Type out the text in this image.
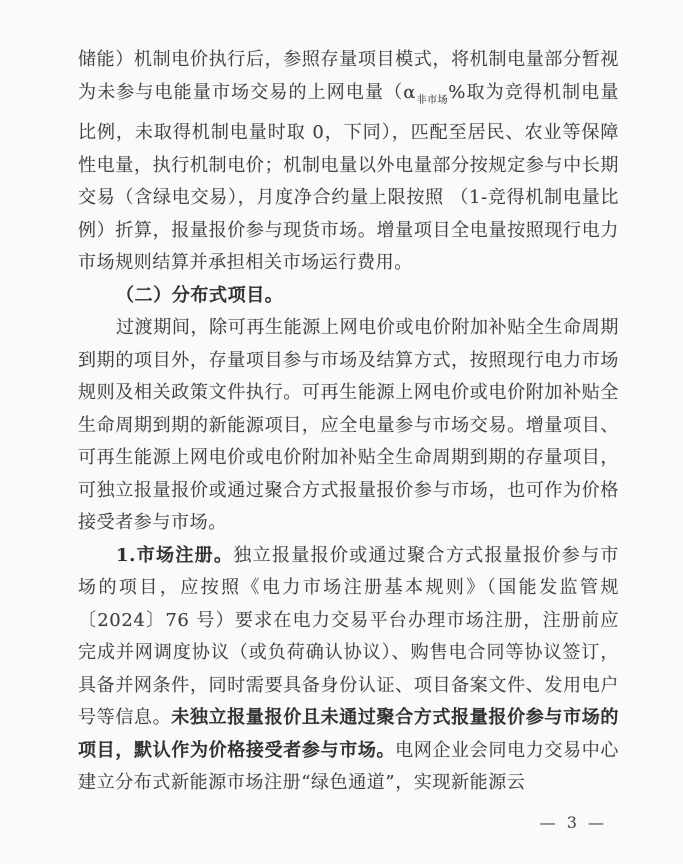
储能）机制电价执行后，参照存量项目模式，将机制电量部分暂视为未参与电能量市场交易的上网电量（$\alpha_{非市场}\%$取为竞得机制电量比例，未取得机制电量时取 0，下同），匹配至居民、农业等保障性电量，执行机制电价；机制电量以外电量部分按规定参与中长期交易（含绿电交易），月度净合约量上限按照 （1-竞得机制电量比例）折算，报量报价参与现货市场。增量项目全电量按照现行电力市场规则结算并承担相关市场运行费用。

（二）分布式项目。

过渡期间，除可再生能源上网电价或电价附加补贴全生命周期到期的项目外，存量项目参与市场及结算方式，按照现行电力市场规则及相关政策文件执行。可再生能源上网电价或电价附加补贴全生命周期到期的新能源项目，应全电量参与市场交易。增量项目、可再生能源上网电价或电价附加补贴全生命周期到期的存量项目，可独立报量报价或通过聚合方式报量报价参与市场，也可作为价格接受者参与市场。

1.市场注册。独立报量报价或通过聚合方式报量报价参与市场的项目，应按照《电力市场注册基本规则》（国能发监管规〔2024〕76 号）要求在电力交易平台办理市场注册，注册前应完成并网调度协议（或负荷确认协议）、购售电合同等协议签订，具备并网条件，同时需要具备身份认证、项目备案文件、发用电户号等信息。未独立报量报价且未通过聚合方式报量报价参与市场的项目，默认作为价格接受者参与市场。电网企业会同电力交易中心建立分布式新能源市场注册“绿色通道”，实现新能源云

— 3 —
